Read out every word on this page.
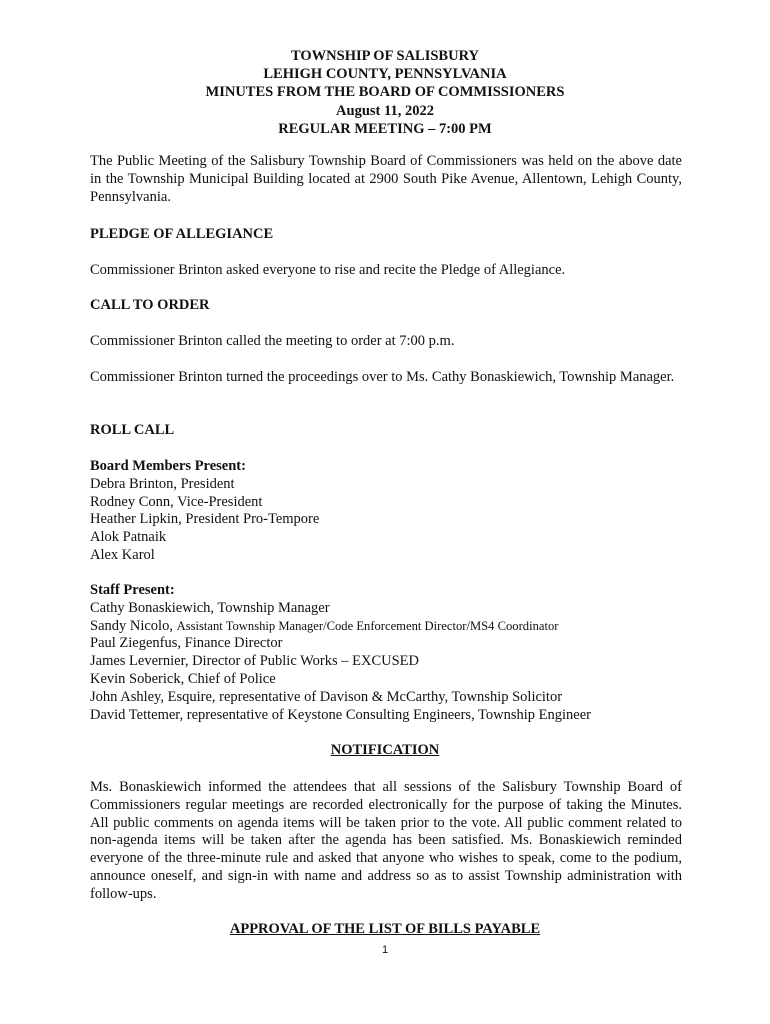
TOWNSHIP OF SALISBURY
LEHIGH COUNTY, PENNSYLVANIA
MINUTES FROM THE BOARD OF COMMISSIONERS
August 11, 2022
REGULAR MEETING – 7:00 PM
The Public Meeting of the Salisbury Township Board of Commissioners was held on the above date in the Township Municipal Building located at 2900 South Pike Avenue, Allentown, Lehigh County, Pennsylvania.
PLEDGE OF ALLEGIANCE
Commissioner Brinton asked everyone to rise and recite the Pledge of Allegiance.
CALL TO ORDER
Commissioner Brinton called the meeting to order at 7:00 p.m.
Commissioner Brinton turned the proceedings over to Ms. Cathy Bonaskiewich, Township Manager.
ROLL CALL
Board Members Present:
Debra Brinton, President
Rodney Conn, Vice-President
Heather Lipkin, President Pro-Tempore
Alok Patnaik
Alex Karol
Staff Present:
Cathy Bonaskiewich, Township Manager
Sandy Nicolo, Assistant Township Manager/Code Enforcement Director/MS4 Coordinator
Paul Ziegenfus, Finance Director
James Levernier, Director of Public Works – EXCUSED
Kevin Soberick, Chief of Police
John Ashley, Esquire, representative of Davison & McCarthy, Township Solicitor
David Tettemer, representative of Keystone Consulting Engineers, Township Engineer
NOTIFICATION
Ms. Bonaskiewich informed the attendees that all sessions of the Salisbury Township Board of Commissioners regular meetings are recorded electronically for the purpose of taking the Minutes. All public comments on agenda items will be taken prior to the vote. All public comment related to non-agenda items will be taken after the agenda has been satisfied. Ms. Bonaskiewich reminded everyone of the three-minute rule and asked that anyone who wishes to speak, come to the podium, announce oneself, and sign-in with name and address so as to assist Township administration with follow-ups.
APPROVAL OF THE LIST OF BILLS PAYABLE
1
